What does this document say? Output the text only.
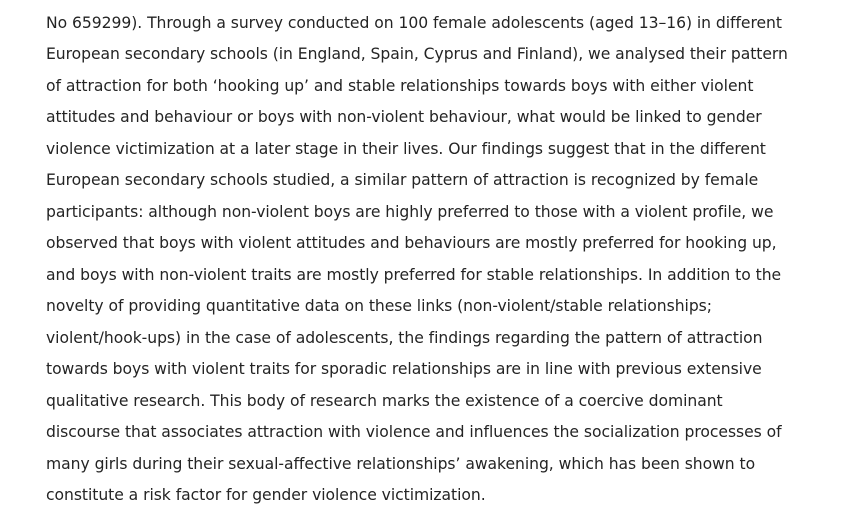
No 659299). Through a survey conducted on 100 female adolescents (aged 13–16) in different
European secondary schools (in England, Spain, Cyprus and Finland), we analysed their pattern
of attraction for both ‘hooking up’ and stable relationships towards boys with either violent
attitudes and behaviour or boys with non-violent behaviour, what would be linked to gender
violence victimization at a later stage in their lives. Our findings suggest that in the different
European secondary schools studied, a similar pattern of attraction is recognized by female
participants: although non-violent boys are highly preferred to those with a violent profile, we
observed that boys with violent attitudes and behaviours are mostly preferred for hooking up,
and boys with non-violent traits are mostly preferred for stable relationships. In addition to the
novelty of providing quantitative data on these links (non-violent/stable relationships;
violent/hook-ups) in the case of adolescents, the findings regarding the pattern of attraction
towards boys with violent traits for sporadic relationships are in line with previous extensive
qualitative research. This body of research marks the existence of a coercive dominant
discourse that associates attraction with violence and influences the socialization processes of
many girls during their sexual-affective relationships’ awakening, which has been shown to
constitute a risk factor for gender violence victimization.
